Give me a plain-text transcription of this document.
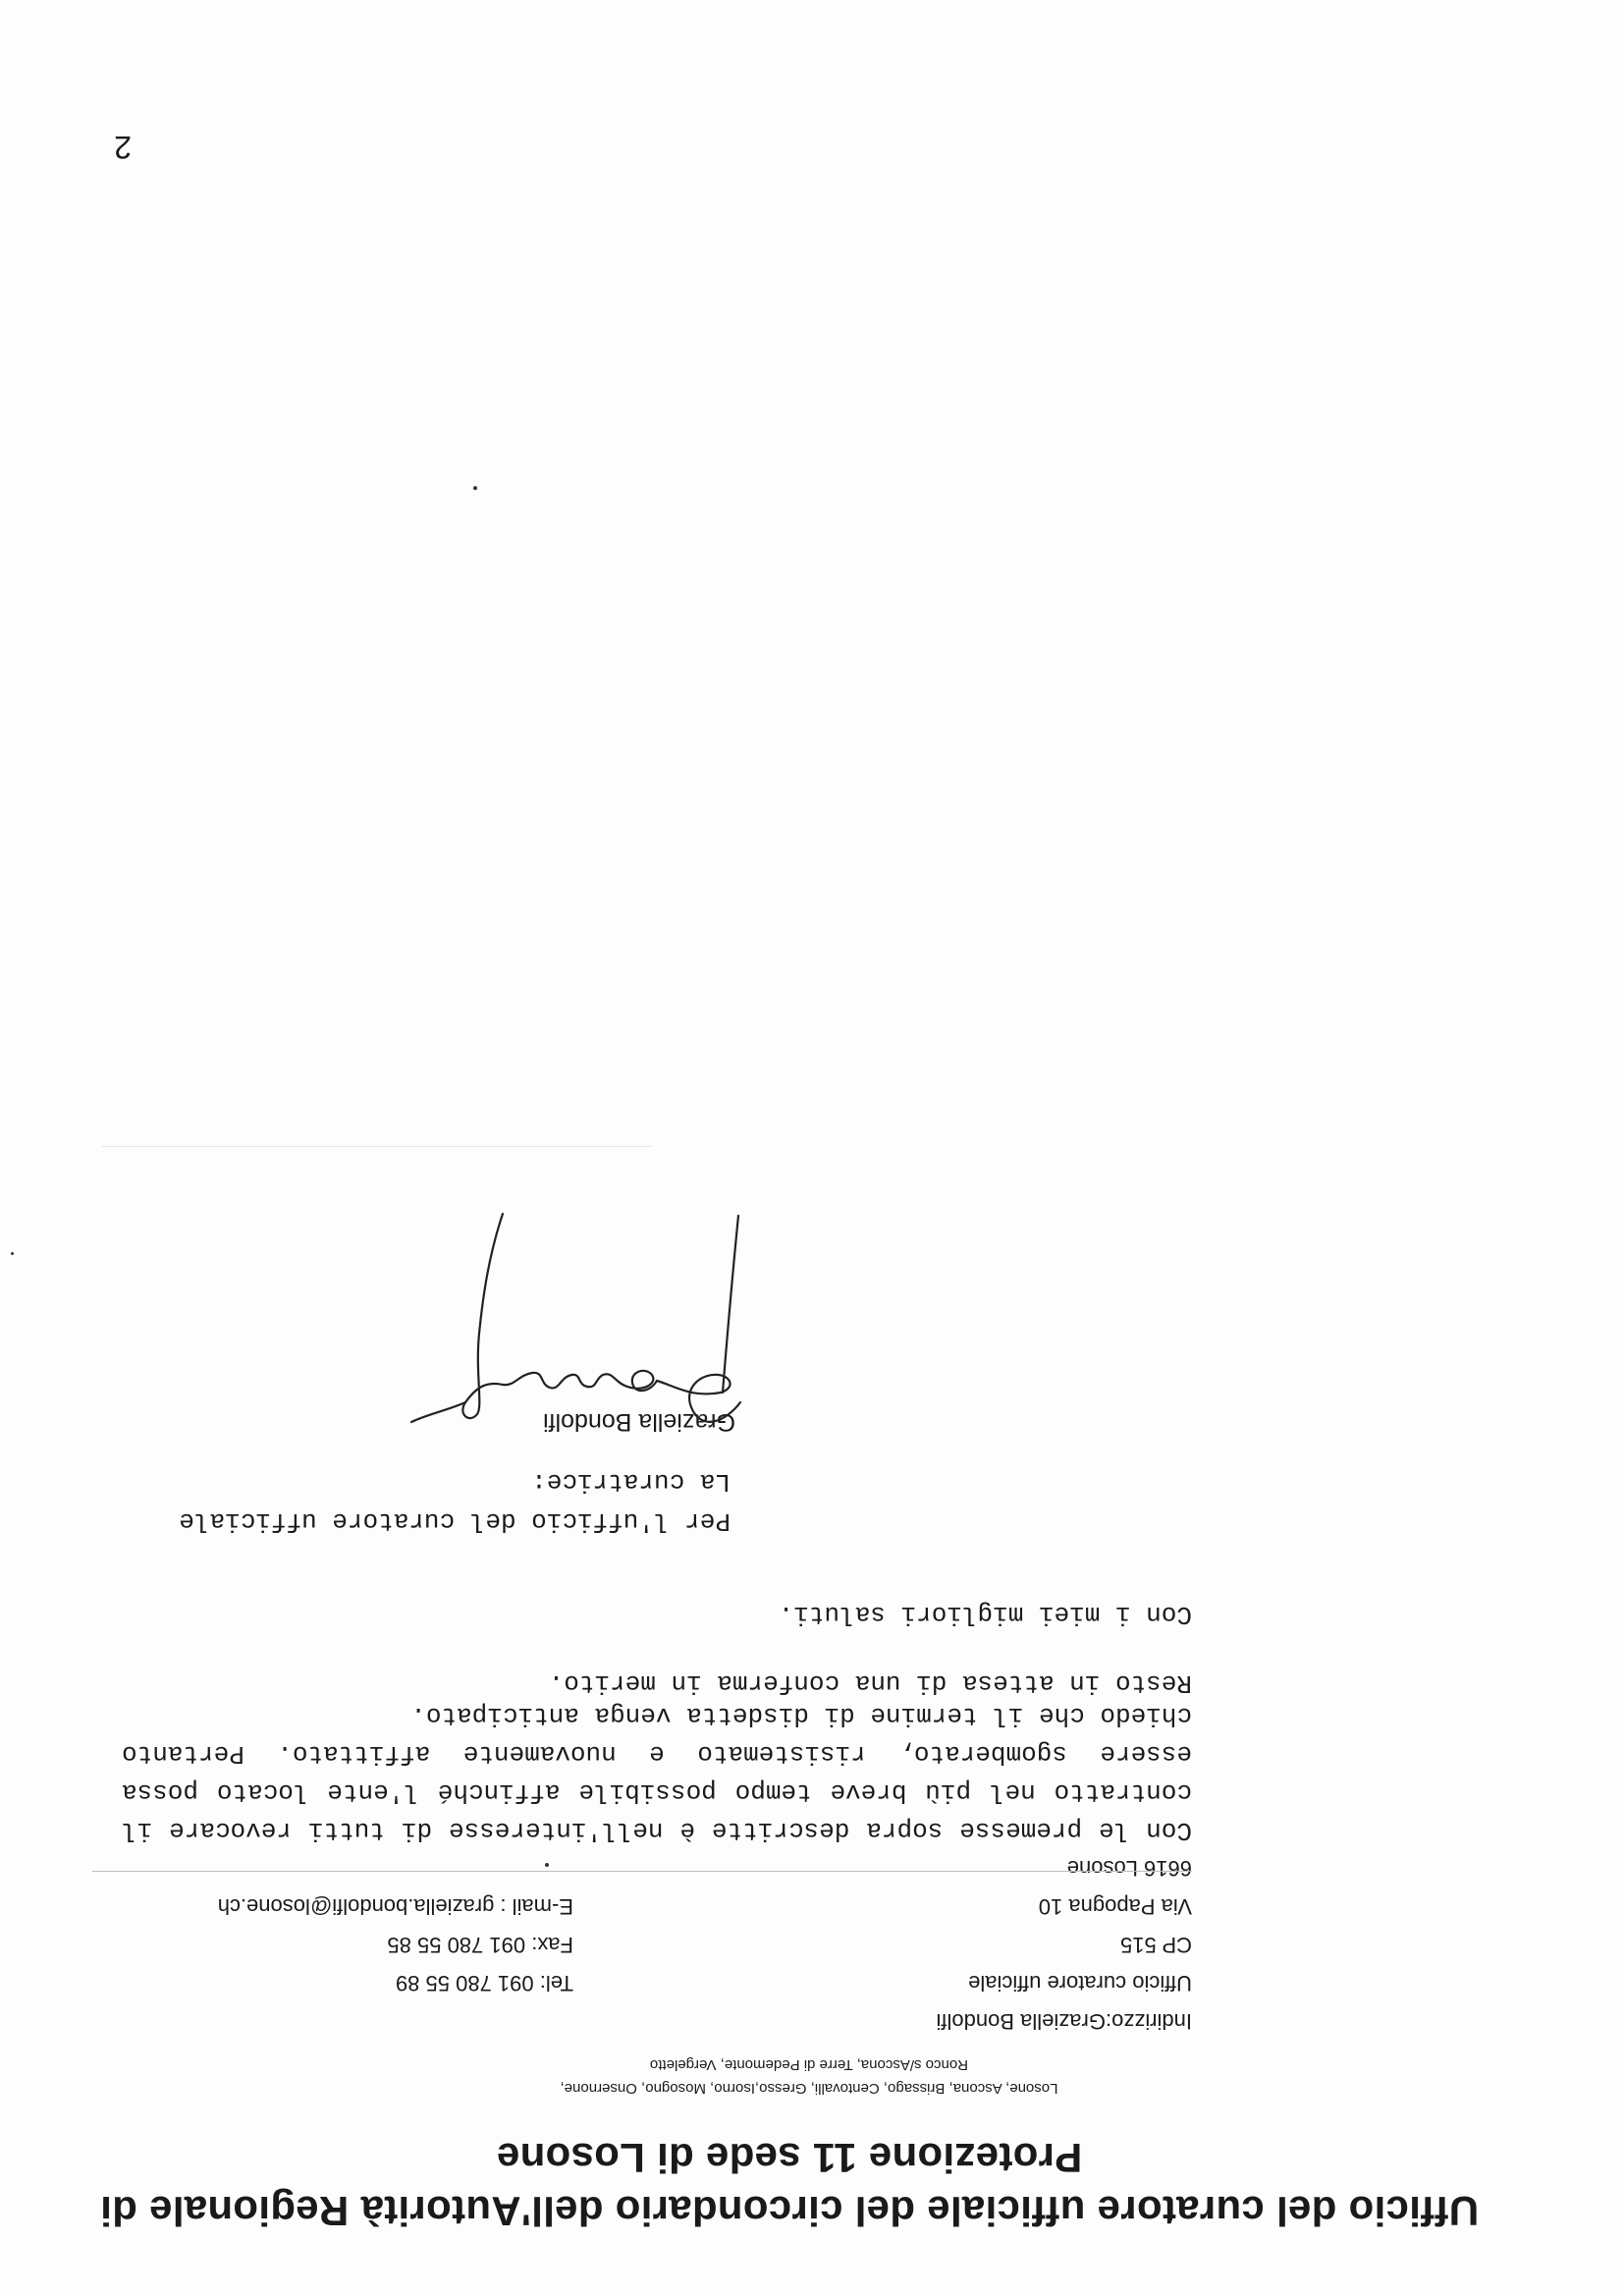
Ufficio del curatore ufficiale del circondario dell'Autorità Regionale di
Protezione 11 sede di Losone

Losone, Ascona, Brissago, Centovalli, Gresso,Isorno, Mosogno, Onsernone,
Ronco s/Ascona, Terre di Pedemonte, Vergeletto

Indirizzo:Graziella Bondolfi
Ufficio curatore ufficiale
CP 515
Via Papogna 10
6616 Losone
Tel: 091 780 55 89
Fax: 091 780 55 85
E-mail : graziella.bondolfi@losone.ch

Con le premesse sopra descritte è nell'interesse di tutti revocare il contratto nel più breve tempo possibile affinché l'ente locato possa essere sgomberato, risistemato e nuovamente affittato. Pertanto chiedo che il termine di disdetta venga anticipato.

Resto in attesa di una conferma in merito.

Con i miei migliori saluti.

Per l'ufficio del curatore ufficiale

La curatrice:

Graziella Bondolfi

2
